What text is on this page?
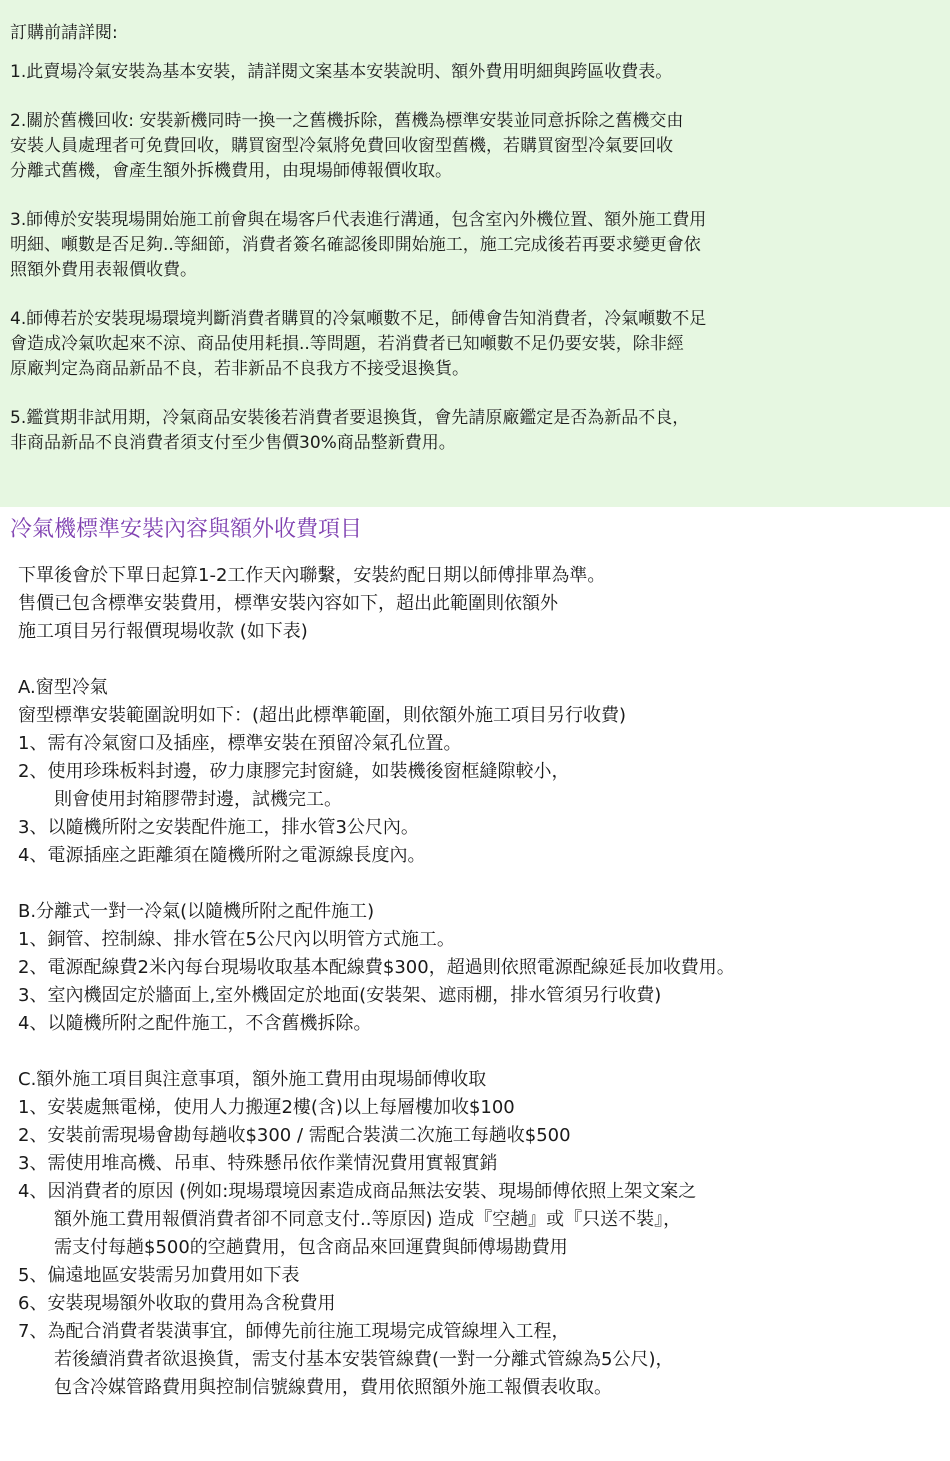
訂購前請詳閱:
1.此賣場冷氣安裝為基本安裝，請詳閱文案基本安裝說明、額外費用明細與跨區收費表。
2.關於舊機回收: 安裝新機同時一換一之舊機拆除，舊機為標準安裝並同意拆除之舊機交由
安裝人員處理者可免費回收，購買窗型冷氣將免費回收窗型舊機，若購買窗型冷氣要回收
分離式舊機，會產生額外拆機費用，由現場師傅報價收取。
3.師傅於安裝現場開始施工前會與在場客戶代表進行溝通，包含室內外機位置、額外施工費用
明細、噸數是否足夠..等細節，消費者簽名確認後即開始施工，施工完成後若再要求變更會依
照額外費用表報價收費。
4.師傅若於安裝現場環境判斷消費者購買的冷氣噸數不足，師傅會告知消費者，冷氣噸數不足
會造成冷氣吹起來不涼、商品使用耗損..等問題，若消費者已知噸數不足仍要安裝，除非經
原廠判定為商品新品不良，若非新品不良我方不接受退換貨。
5.鑑賞期非試用期，冷氣商品安裝後若消費者要退換貨，會先請原廠鑑定是否為新品不良，
非商品新品不良消費者須支付至少售價30%商品整新費用。
冷氣機標準安裝內容與額外收費項目
下單後會於下單日起算1-2工作天內聯繫，安裝約配日期以師傅排單為準。
售價已包含標準安裝費用，標準安裝內容如下，超出此範圍則依額外
施工項目另行報價現場收款 (如下表)
A.窗型冷氣
窗型標準安裝範圍說明如下：(超出此標準範圍，則依額外施工項目另行收費)
1、需有冷氣窗口及插座，標準安裝在預留冷氣孔位置。
2、使用珍珠板料封邊，矽力康膠完封窗縫，如裝機後窗框縫隙較小，
則會使用封箱膠帶封邊，試機完工。
3、以隨機所附之安裝配件施工，排水管3公尺內。
4、電源插座之距離須在隨機所附之電源線長度內。
B.分離式一對一冷氣(以隨機所附之配件施工)
1、銅管、控制線、排水管在5公尺內以明管方式施工。
2、電源配線費2米內每台現場收取基本配線費$300，超過則依照電源配線延長加收費用。
3、室內機固定於牆面上,室外機固定於地面(安裝架、遮雨棚，排水管須另行收費)
4、以隨機所附之配件施工，不含舊機拆除。
C.額外施工項目與注意事項，額外施工費用由現場師傅收取
1、安裝處無電梯，使用人力搬運2樓(含)以上每層樓加收$100
2、安裝前需現場會勘每趟收$300 / 需配合裝潢二次施工每趟收$500
3、需使用堆高機、吊車、特殊懸吊依作業情況費用實報實銷
4、因消費者的原因 (例如:現場環境因素造成商品無法安裝、現場師傅依照上架文案之
額外施工費用報價消費者卻不同意支付..等原因) 造成『空趟』或『只送不裝』，
需支付每趟$500的空趟費用，包含商品來回運費與師傅場勘費用
5、偏遠地區安裝需另加費用如下表
6、安裝現場額外收取的費用為含稅費用
7、為配合消費者裝潢事宜，師傅先前往施工現場完成管線埋入工程，
若後續消費者欲退換貨，需支付基本安裝管線費(一對一分離式管線為5公尺)，
包含冷媒管路費用與控制信號線費用，費用依照額外施工報價表收取。
